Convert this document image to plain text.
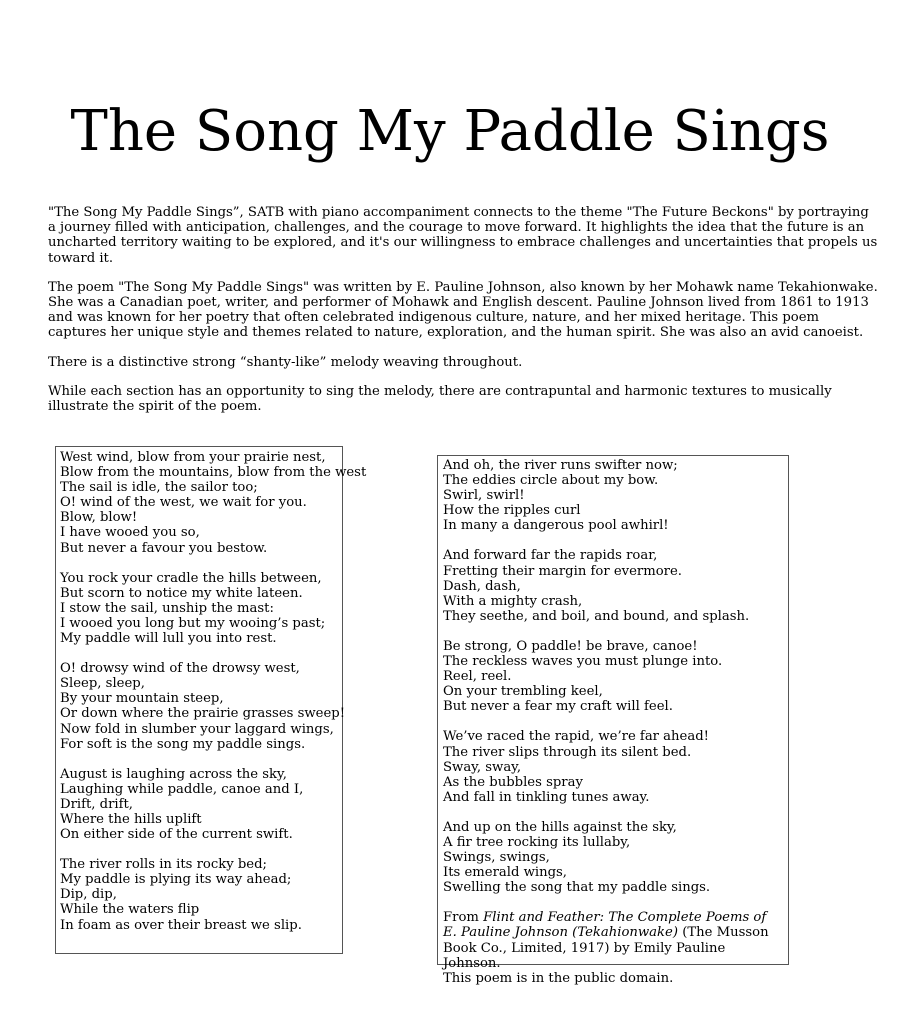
The Song My Paddle Sings

"The Song My Paddle Sings”, SATB with piano accompaniment connects to the theme "The Future Beckons" by portraying a journey filled with anticipation, challenges, and the courage to move forward. It highlights the idea that the future is an uncharted territory waiting to be explored, and it's our willingness to embrace challenges and uncertainties that propels us toward it.

The poem "The Song My Paddle Sings" was written by E. Pauline Johnson, also known by her Mohawk name Tekahionwake. She was a Canadian poet, writer, and performer of Mohawk and English descent. Pauline Johnson lived from 1861 to 1913 and was known for her poetry that often celebrated indigenous culture, nature, and her mixed heritage. This poem captures her unique style and themes related to nature, exploration, and the human spirit. She was also an avid canoeist.

There is a distinctive strong “shanty-like” melody weaving throughout.

While each section has an opportunity to sing the melody, there are contrapuntal and harmonic textures to musically illustrate the spirit of the poem.

West wind, blow from your prairie nest,
Blow from the mountains, blow from the west
The sail is idle, the sailor too;
O! wind of the west, we wait for you.
Blow, blow!
I have wooed you so,
But never a favour you bestow.
You rock your cradle the hills between,
But scorn to notice my white lateen.
I stow the sail, unship the mast:
I wooed you long but my wooing’s past;
My paddle will lull you into rest.
O! drowsy wind of the drowsy west,
Sleep, sleep,
By your mountain steep,
Or down where the prairie grasses sweep!
Now fold in slumber your laggard wings,
For soft is the song my paddle sings.
August is laughing across the sky,
Laughing while paddle, canoe and I,
Drift, drift,
Where the hills uplift
On either side of the current swift.
The river rolls in its rocky bed;
My paddle is plying its way ahead;
Dip, dip,
While the waters flip
In foam as over their breast we slip.
And oh, the river runs swifter now;
The eddies circle about my bow.
Swirl, swirl!
How the ripples curl
In many a dangerous pool awhirl!
And forward far the rapids roar,
Fretting their margin for evermore.
Dash, dash,
With a mighty crash,
They seethe, and boil, and bound, and splash.
Be strong, O paddle! be brave, canoe!
The reckless waves you must plunge into.
Reel, reel.
On your trembling keel,
But never a fear my craft will feel.
We’ve raced the rapid, we’re far ahead!
The river slips through its silent bed.
Sway, sway,
As the bubbles spray
And fall in tinkling tunes away.
And up on the hills against the sky,
A fir tree rocking its lullaby,
Swings, swings,
Its emerald wings,
Swelling the song that my paddle sings.

From Flint and Feather: The Complete Poems of
E. Pauline Johnson (Tekahionwake) (The Musson
Book Co., Limited, 1917) by Emily Pauline Johnson.
This poem is in the public domain.
